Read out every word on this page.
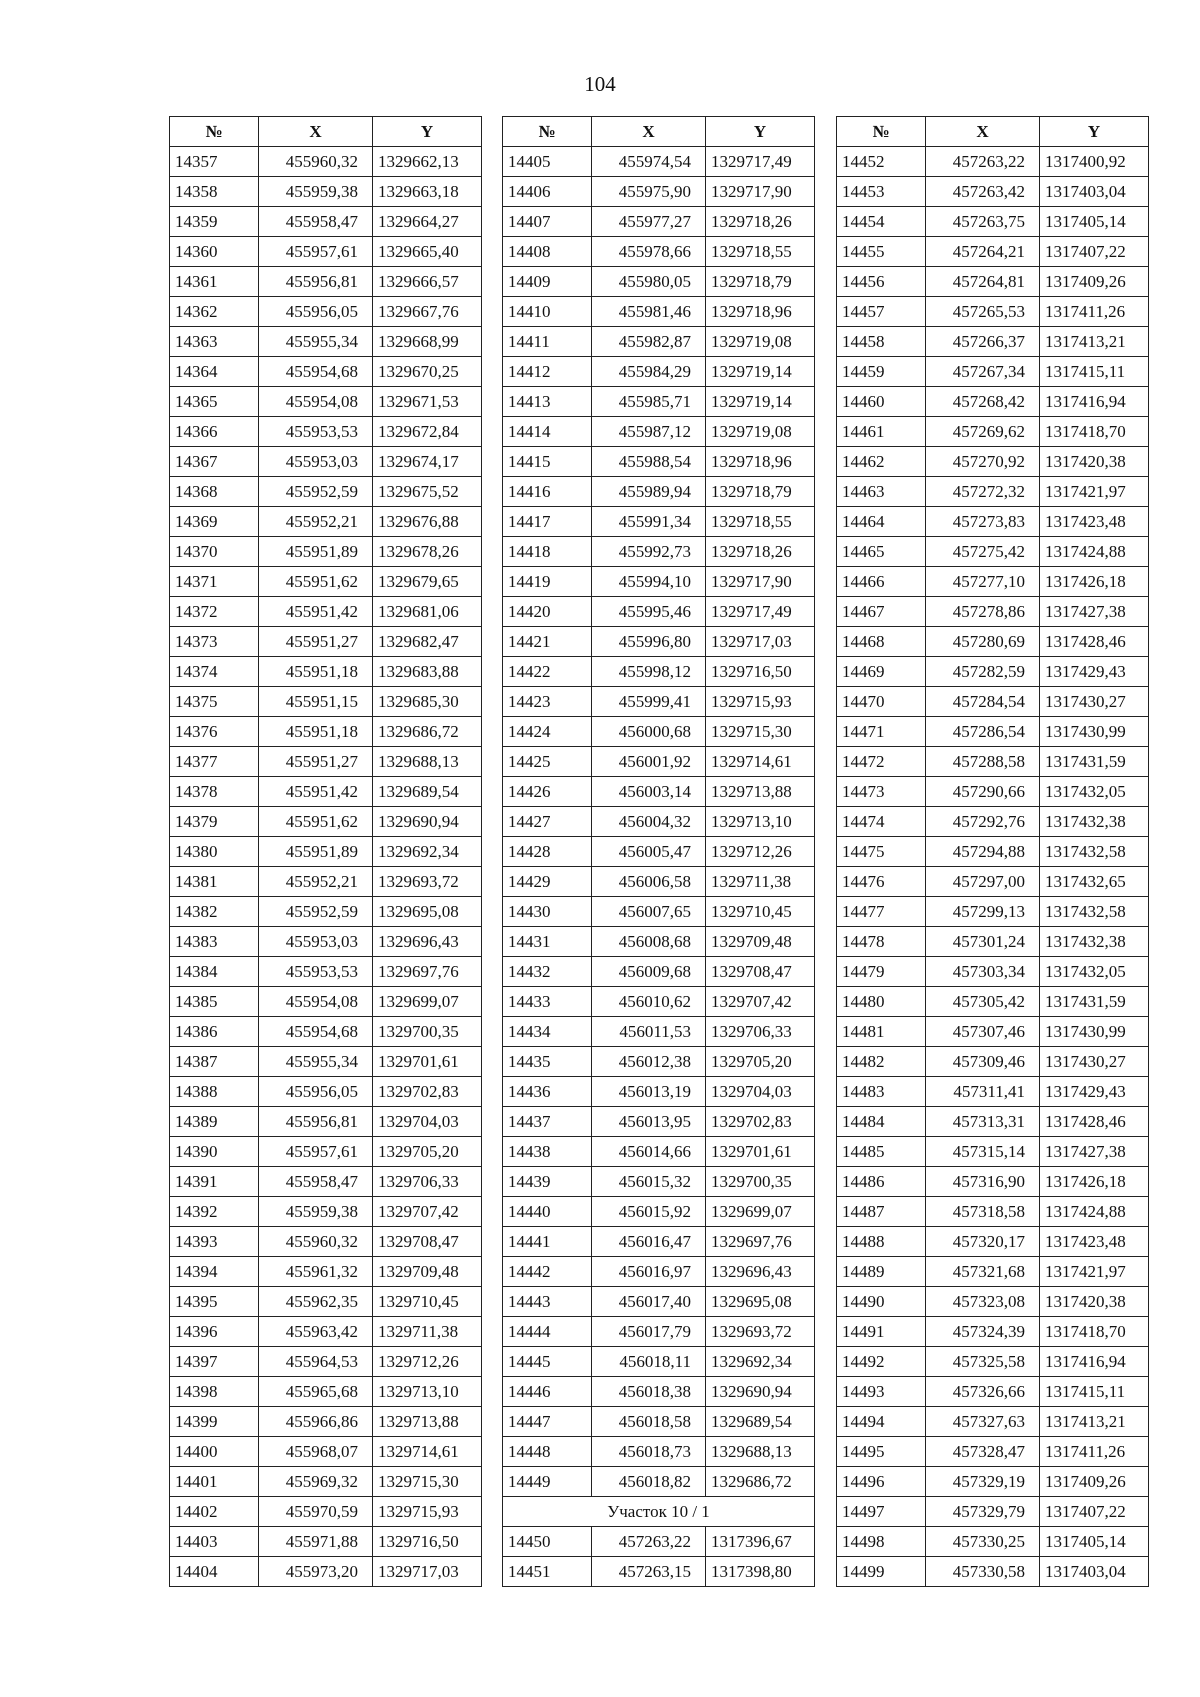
104
№	X	Y
14357	455960,32	1329662,13
14358	455959,38	1329663,18
14359	455958,47	1329664,27
14360	455957,61	1329665,40
14361	455956,81	1329666,57
14362	455956,05	1329667,76
14363	455955,34	1329668,99
14364	455954,68	1329670,25
14365	455954,08	1329671,53
14366	455953,53	1329672,84
14367	455953,03	1329674,17
14368	455952,59	1329675,52
14369	455952,21	1329676,88
14370	455951,89	1329678,26
14371	455951,62	1329679,65
14372	455951,42	1329681,06
14373	455951,27	1329682,47
14374	455951,18	1329683,88
14375	455951,15	1329685,30
14376	455951,18	1329686,72
14377	455951,27	1329688,13
14378	455951,42	1329689,54
14379	455951,62	1329690,94
14380	455951,89	1329692,34
14381	455952,21	1329693,72
14382	455952,59	1329695,08
14383	455953,03	1329696,43
14384	455953,53	1329697,76
14385	455954,08	1329699,07
14386	455954,68	1329700,35
14387	455955,34	1329701,61
14388	455956,05	1329702,83
14389	455956,81	1329704,03
14390	455957,61	1329705,20
14391	455958,47	1329706,33
14392	455959,38	1329707,42
14393	455960,32	1329708,47
14394	455961,32	1329709,48
14395	455962,35	1329710,45
14396	455963,42	1329711,38
14397	455964,53	1329712,26
14398	455965,68	1329713,10
14399	455966,86	1329713,88
14400	455968,07	1329714,61
14401	455969,32	1329715,30
14402	455970,59	1329715,93
14403	455971,88	1329716,50
14404	455973,20	1329717,03
№	X	Y
14405	455974,54	1329717,49
14406	455975,90	1329717,90
14407	455977,27	1329718,26
14408	455978,66	1329718,55
14409	455980,05	1329718,79
14410	455981,46	1329718,96
14411	455982,87	1329719,08
14412	455984,29	1329719,14
14413	455985,71	1329719,14
14414	455987,12	1329719,08
14415	455988,54	1329718,96
14416	455989,94	1329718,79
14417	455991,34	1329718,55
14418	455992,73	1329718,26
14419	455994,10	1329717,90
14420	455995,46	1329717,49
14421	455996,80	1329717,03
14422	455998,12	1329716,50
14423	455999,41	1329715,93
14424	456000,68	1329715,30
14425	456001,92	1329714,61
14426	456003,14	1329713,88
14427	456004,32	1329713,10
14428	456005,47	1329712,26
14429	456006,58	1329711,38
14430	456007,65	1329710,45
14431	456008,68	1329709,48
14432	456009,68	1329708,47
14433	456010,62	1329707,42
14434	456011,53	1329706,33
14435	456012,38	1329705,20
14436	456013,19	1329704,03
14437	456013,95	1329702,83
14438	456014,66	1329701,61
14439	456015,32	1329700,35
14440	456015,92	1329699,07
14441	456016,47	1329697,76
14442	456016,97	1329696,43
14443	456017,40	1329695,08
14444	456017,79	1329693,72
14445	456018,11	1329692,34
14446	456018,38	1329690,94
14447	456018,58	1329689,54
14448	456018,73	1329688,13
14449	456018,82	1329686,72
Участок 10 / 1		
14450	457263,22	1317396,67
14451	457263,15	1317398,80
№	X	Y
14452	457263,22	1317400,92
14453	457263,42	1317403,04
14454	457263,75	1317405,14
14455	457264,21	1317407,22
14456	457264,81	1317409,26
14457	457265,53	1317411,26
14458	457266,37	1317413,21
14459	457267,34	1317415,11
14460	457268,42	1317416,94
14461	457269,62	1317418,70
14462	457270,92	1317420,38
14463	457272,32	1317421,97
14464	457273,83	1317423,48
14465	457275,42	1317424,88
14466	457277,10	1317426,18
14467	457278,86	1317427,38
14468	457280,69	1317428,46
14469	457282,59	1317429,43
14470	457284,54	1317430,27
14471	457286,54	1317430,99
14472	457288,58	1317431,59
14473	457290,66	1317432,05
14474	457292,76	1317432,38
14475	457294,88	1317432,58
14476	457297,00	1317432,65
14477	457299,13	1317432,58
14478	457301,24	1317432,38
14479	457303,34	1317432,05
14480	457305,42	1317431,59
14481	457307,46	1317430,99
14482	457309,46	1317430,27
14483	457311,41	1317429,43
14484	457313,31	1317428,46
14485	457315,14	1317427,38
14486	457316,90	1317426,18
14487	457318,58	1317424,88
14488	457320,17	1317423,48
14489	457321,68	1317421,97
14490	457323,08	1317420,38
14491	457324,39	1317418,70
14492	457325,58	1317416,94
14493	457326,66	1317415,11
14494	457327,63	1317413,21
14495	457328,47	1317411,26
14496	457329,19	1317409,26
14497	457329,79	1317407,22
14498	457330,25	1317405,14
14499	457330,58	1317403,04
